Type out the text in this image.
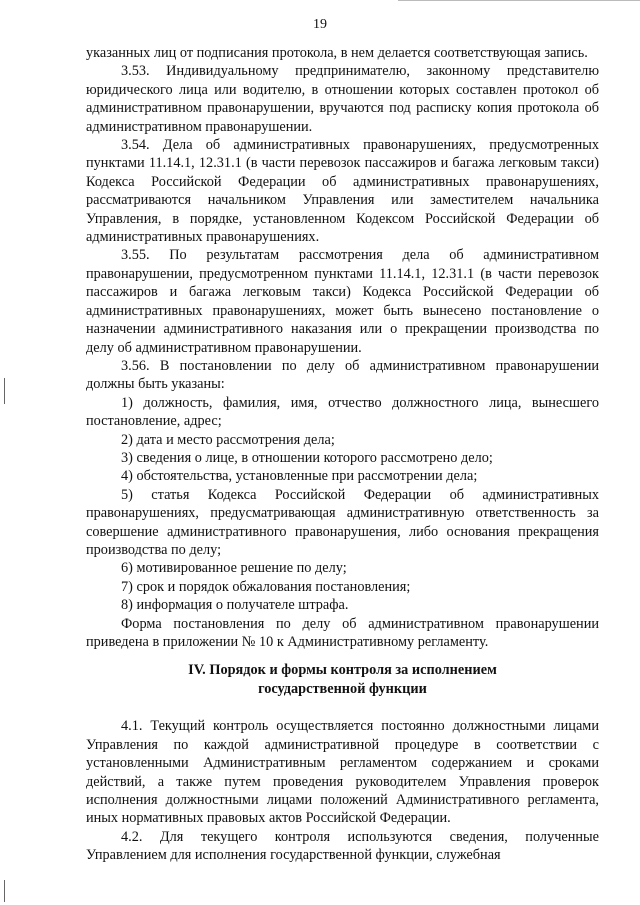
19

указанных лиц от подписания протокола, в нем делается соответствующая запись.

3.53. Индивидуальному предпринимателю, законному представителю юридического лица или водителю, в отношении которых составлен протокол об административном правонарушении, вручаются под расписку копия протокола об административном правонарушении.

3.54. Дела об административных правонарушениях, предусмотренных пунктами 11.14.1, 12.31.1 (в части перевозок пассажиров и багажа легковым такси) Кодекса Российской Федерации об административных правонарушениях, рассматриваются начальником Управления или заместителем начальника Управления, в порядке, установленном Кодексом Российской Федерации об административных правонарушениях.

3.55. По результатам рассмотрения дела об административном правонарушении, предусмотренном пунктами 11.14.1, 12.31.1 (в части перевозок пассажиров и багажа легковым такси) Кодекса Российской Федерации об административных правонарушениях, может быть вынесено постановление о назначении административного наказания или о прекращении производства по делу об административном правонарушении.

3.56. В постановлении по делу об административном правонарушении должны быть указаны:

1) должность, фамилия, имя, отчество должностного лица, вынесшего постановление, адрес;

2) дата и место рассмотрения дела;

3) сведения о лице, в отношении которого рассмотрено дело;

4) обстоятельства, установленные при рассмотрении дела;

5) статья Кодекса Российской Федерации об административных правонарушениях, предусматривающая административную ответственность за совершение административного правонарушения, либо основания прекращения производства по делу;

6) мотивированное решение по делу;

7) срок и порядок обжалования постановления;

8) информация о получателе штрафа.

Форма постановления по делу об административном правонарушении приведена в приложении № 10 к Административному регламенту.

IV. Порядок и формы контроля за исполнением
государственной функции

4.1. Текущий контроль осуществляется постоянно должностными лицами Управления по каждой административной процедуре в соответствии с установленными Административным регламентом содержанием и сроками действий, а также путем проведения руководителем Управления проверок исполнения должностными лицами положений Административного регламента, иных нормативных правовых актов Российской Федерации.

4.2. Для текущего контроля используются сведения, полученные Управлением для исполнения государственной функции, служебная
